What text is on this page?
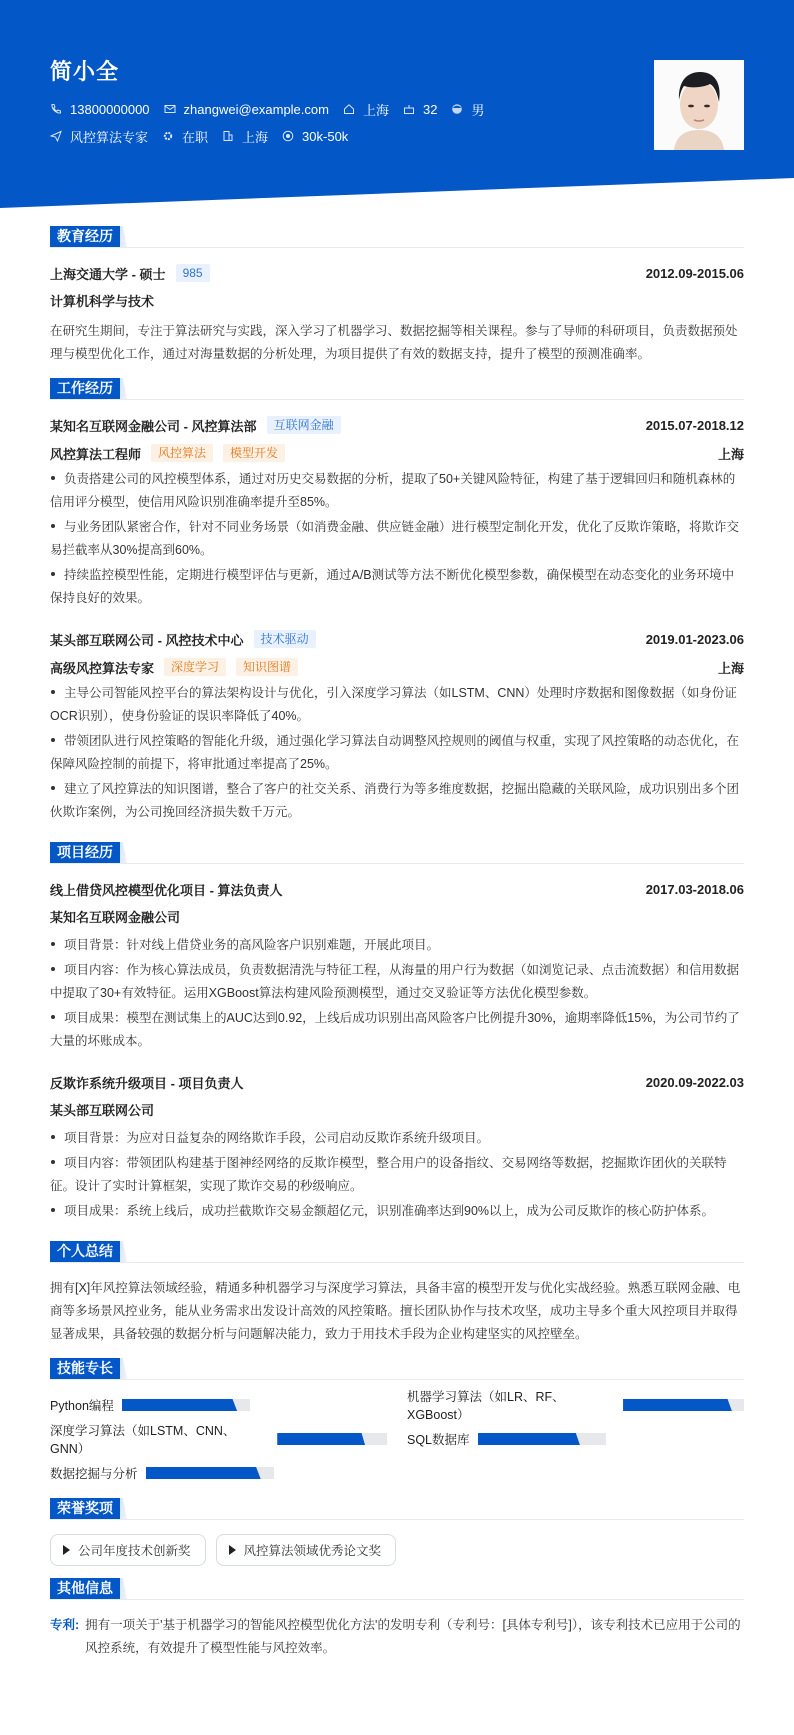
简小全
13800000000	zhangwei@example.com	上海	32	男
风控算法专家	在职	上海	30k-50k
教育经历
上海交通大学 - 硕士	985	2012.09-2015.06
计算机科学与技术
在研究生期间，专注于算法研究与实践，深入学习了机器学习、数据挖掘等相关课程。参与了导师的科研项目，负责数据预处理与模型优化工作，通过对海量数据的分析处理，为项目提供了有效的数据支持，提升了模型的预测准确率。
工作经历
某知名互联网金融公司 - 风控算法部	互联网金融	2015.07-2018.12
风控算法工程师	风控算法	模型开发	上海
负责搭建公司的风控模型体系，通过对历史交易数据的分析，提取了50+关键风险特征，构建了基于逻辑回归和随机森林的信用评分模型，使信用风险识别准确率提升至85%。
与业务团队紧密合作，针对不同业务场景（如消费金融、供应链金融）进行模型定制化开发，优化了反欺诈策略，将欺诈交易拦截率从30%提高到60%。
持续监控模型性能，定期进行模型评估与更新，通过A/B测试等方法不断优化模型参数，确保模型在动态变化的业务环境中保持良好的效果。
某头部互联网公司 - 风控技术中心	技术驱动	2019.01-2023.06
高级风控算法专家	深度学习	知识图谱	上海
主导公司智能风控平台的算法架构设计与优化，引入深度学习算法（如LSTM、CNN）处理时序数据和图像数据（如身份证OCR识别），使身份验证的误识率降低了40%。
带领团队进行风控策略的智能化升级，通过强化学习算法自动调整风控规则的阈值与权重，实现了风控策略的动态优化，在保障风险控制的前提下，将审批通过率提高了25%。
建立了风控算法的知识图谱，整合了客户的社交关系、消费行为等多维度数据，挖掘出隐藏的关联风险，成功识别出多个团伙欺诈案例，为公司挽回经济损失数千万元。
项目经历
线上借贷风控模型优化项目 - 算法负责人	2017.03-2018.06
某知名互联网金融公司
项目背景：针对线上借贷业务的高风险客户识别难题，开展此项目。
项目内容：作为核心算法成员，负责数据清洗与特征工程，从海量的用户行为数据（如浏览记录、点击流数据）和信用数据中提取了30+有效特征。运用XGBoost算法构建风险预测模型，通过交叉验证等方法优化模型参数。
项目成果：模型在测试集上的AUC达到0.92，上线后成功识别出高风险客户比例提升30%，逾期率降低15%，为公司节约了大量的坏账成本。
反欺诈系统升级项目 - 项目负责人	2020.09-2022.03
某头部互联网公司
项目背景：为应对日益复杂的网络欺诈手段，公司启动反欺诈系统升级项目。
项目内容：带领团队构建基于图神经网络的反欺诈模型，整合用户的设备指纹、交易网络等数据，挖掘欺诈团伙的关联特征。设计了实时计算框架，实现了欺诈交易的秒级响应。
项目成果：系统上线后，成功拦截欺诈交易金额超亿元，识别准确率达到90%以上，成为公司反欺诈的核心防护体系。
个人总结
拥有[X]年风控算法领域经验，精通多种机器学习与深度学习算法，具备丰富的模型开发与优化实战经验。熟悉互联网金融、电商等多场景风控业务，能从业务需求出发设计高效的风控策略。擅长团队协作与技术攻坚，成功主导多个重大风控项目并取得显著成果，具备较强的数据分析与问题解决能力，致力于用技术手段为企业构建坚实的风控壁垒。
技能专长
Python编程
机器学习算法（如LR、RF、XGBoost）
深度学习算法（如LSTM、CNN、GNN）
SQL数据库
数据挖掘与分析
荣誉奖项
公司年度技术创新奖	风控算法领域优秀论文奖
其他信息
专利: 拥有一项关于'基于机器学习的智能风控模型优化方法'的发明专利（专利号：[具体专利号]），该专利技术已应用于公司的风控系统，有效提升了模型性能与风控效率。
